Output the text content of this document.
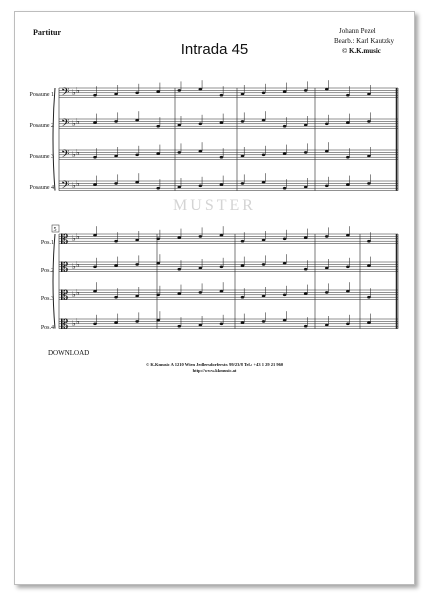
Partitur
Intrada 45
Johann Pezel
Bearb.: Karl Kautzky
© K.K.music
Posaune 1
Posaune 2
Posaune 3
Posaune 4
Pos.1
Pos.2
Pos.3
Pos.4
MUSTER
𝄢 ♭ ♭
𝄢 ♭ ♭
𝄢 ♭ ♭
𝄢 ♭ ♭
𝄡 ♭ ♭
𝄡 ♭ ♭
𝄡 ♭ ♭
𝄡 ♭ ♭
5
DOWNLOAD
© K.Kmusic A 1210 Wien Jedlersdorferstr. 99/23/8 Tel.: +43 1 29 21 960
http://www.kkmusic.at
